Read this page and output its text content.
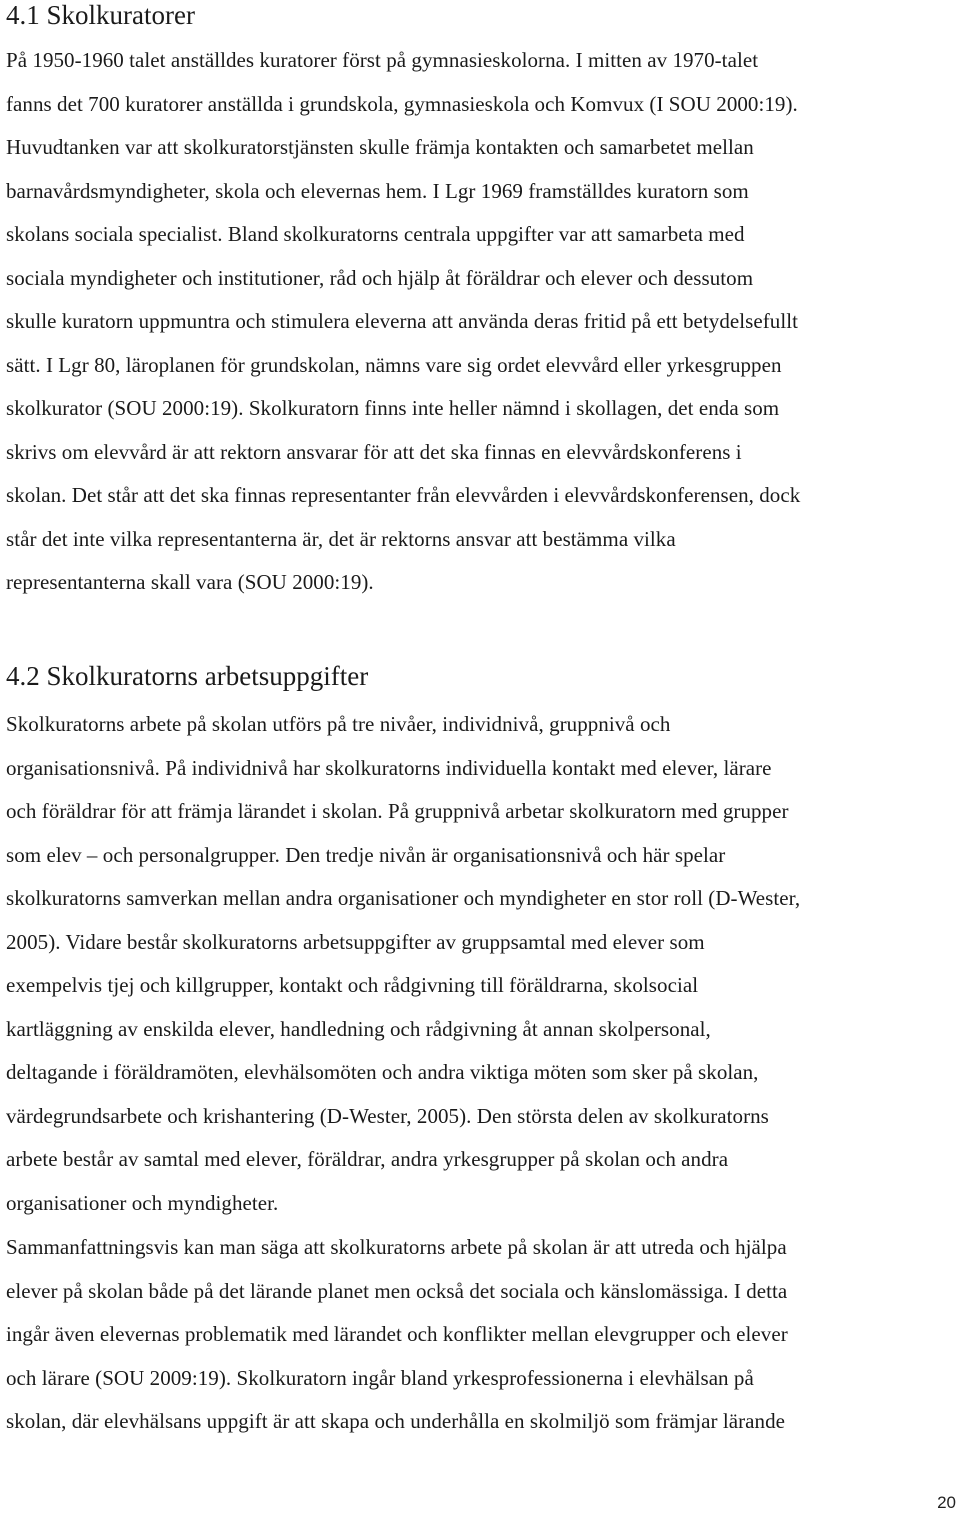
4.1 Skolkuratorer

På 1950-1960 talet anställdes kuratorer först på gymnasieskolorna. I mitten av 1970-talet
fanns det 700 kuratorer anställda i grundskola, gymnasieskola och Komvux (I SOU 2000:19).
Huvudtanken var att skolkuratorstjänsten skulle främja kontakten och samarbetet mellan
barnavårdsmyndigheter, skola och elevernas hem. I Lgr 1969 framställdes kuratorn som
skolans sociala specialist. Bland skolkuratorns centrala uppgifter var att samarbeta med
sociala myndigheter och institutioner, råd och hjälp åt föräldrar och elever och dessutom
skulle kuratorn uppmuntra och stimulera eleverna att använda deras fritid på ett betydelsefullt
sätt. I Lgr 80, läroplanen för grundskolan, nämns vare sig ordet elevvård eller yrkesgruppen
skolkurator (SOU 2000:19). Skolkuratorn finns inte heller nämnd i skollagen, det enda som
skrivs om elevvård är att rektorn ansvarar för att det ska finnas en elevvårdskonferens i
skolan. Det står att det ska finnas representanter från elevvården i elevvårdskonferensen, dock
står det inte vilka representanterna är, det är rektorns ansvar att bestämma vilka
representanterna skall vara (SOU 2000:19).

4.2 Skolkuratorns arbetsuppgifter

Skolkuratorns arbete på skolan utförs på tre nivåer, individnivå, gruppnivå och
organisationsnivå. På individnivå har skolkuratorns individuella kontakt med elever, lärare
och föräldrar för att främja lärandet i skolan. På gruppnivå arbetar skolkuratorn med grupper
som elev – och personalgrupper. Den tredje nivån är organisationsnivå och här spelar
skolkuratorns samverkan mellan andra organisationer och myndigheter en stor roll (D-Wester,
2005). Vidare består skolkuratorns arbetsuppgifter av gruppsamtal med elever som
exempelvis tjej och killgrupper, kontakt och rådgivning till föräldrarna, skolsocial
kartläggning av enskilda elever, handledning och rådgivning åt annan skolpersonal,
deltagande i föräldramöten, elevhälsomöten och andra viktiga möten som sker på skolan,
värdegrundsarbete och krishantering (D-Wester, 2005). Den största delen av skolkuratorns
arbete består av samtal med elever, föräldrar, andra yrkesgrupper på skolan och andra
organisationer och myndigheter.

Sammanfattningsvis kan man säga att skolkuratorns arbete på skolan är att utreda och hjälpa
elever på skolan både på det lärande planet men också det sociala och känslomässiga. I detta
ingår även elevernas problematik med lärandet och konflikter mellan elevgrupper och elever
och lärare (SOU 2009:19). Skolkuratorn ingår bland yrkesprofessionerna i elevhälsan på
skolan, där elevhälsans uppgift är att skapa och underhålla en skolmiljö som främjar lärande

20
